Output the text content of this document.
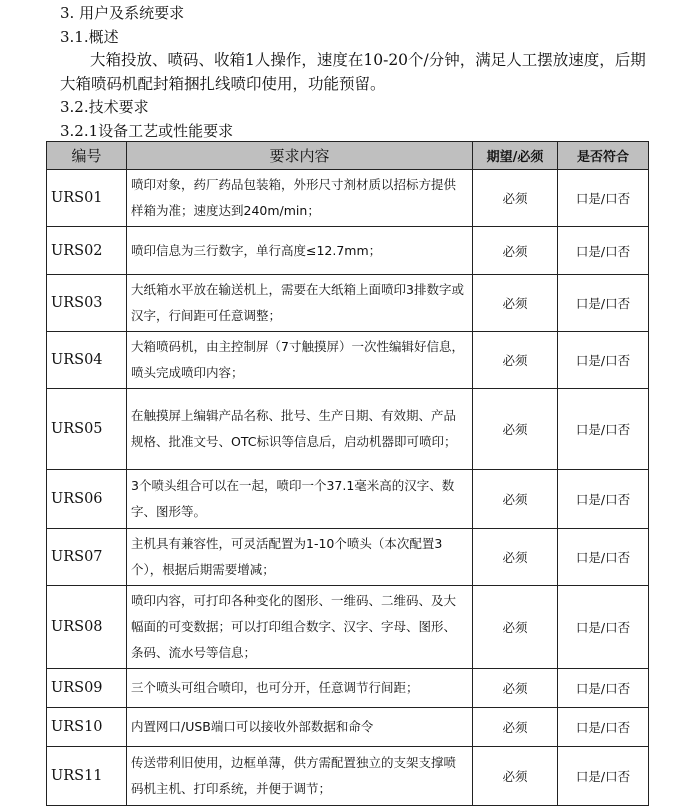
3. 用户及系统要求
3.1.概述
大箱投放、喷码、收箱1人操作，速度在10-20个/分钟，满足人工摆放速度，后期大箱喷码机配封箱捆扎线喷印使用，功能预留。
3.2.技术要求
3.2.1设备工艺或性能要求
编号	要求内容	期望/必须	是否符合
URS01	喷印对象，药厂药品包装箱，外形尺寸剂材质以招标方提供样箱为准；速度达到240m/min；	必须	口是/口否
URS02	喷印信息为三行数字，单行高度≤12.7mm；	必须	口是/口否
URS03	大纸箱水平放在输送机上，需要在大纸箱上面喷印3排数字或汉字，行间距可任意调整；	必须	口是/口否
URS04	大箱喷码机，由主控制屏（7寸触摸屏）一次性编辑好信息，喷头完成喷印内容；	必须	口是/口否
URS05	在触摸屏上编辑产品名称、批号、生产日期、有效期、产品规格、批准文号、OTC标识等信息后，启动机器即可喷印；	必须	口是/口否
URS06	3个喷头组合可以在一起，喷印一个37.1毫米高的汉字、数字、图形等。	必须	口是/口否
URS07	主机具有兼容性，可灵活配置为1-10个喷头（本次配置3个），根据后期需要增减；	必须	口是/口否
URS08	喷印内容，可打印各种变化的图形、一维码、二维码、及大幅面的可变数据；可以打印组合数字、汉字、字母、图形、条码、流水号等信息；	必须	口是/口否
URS09	三个喷头可组合喷印，也可分开，任意调节行间距；	必须	口是/口否
URS10	内置网口/USB端口可以接收外部数据和命令	必须	口是/口否
URS11	传送带利旧使用，边框单薄，供方需配置独立的支架支撑喷码机主机、打印系统，并便于调节；	必须	口是/口否
